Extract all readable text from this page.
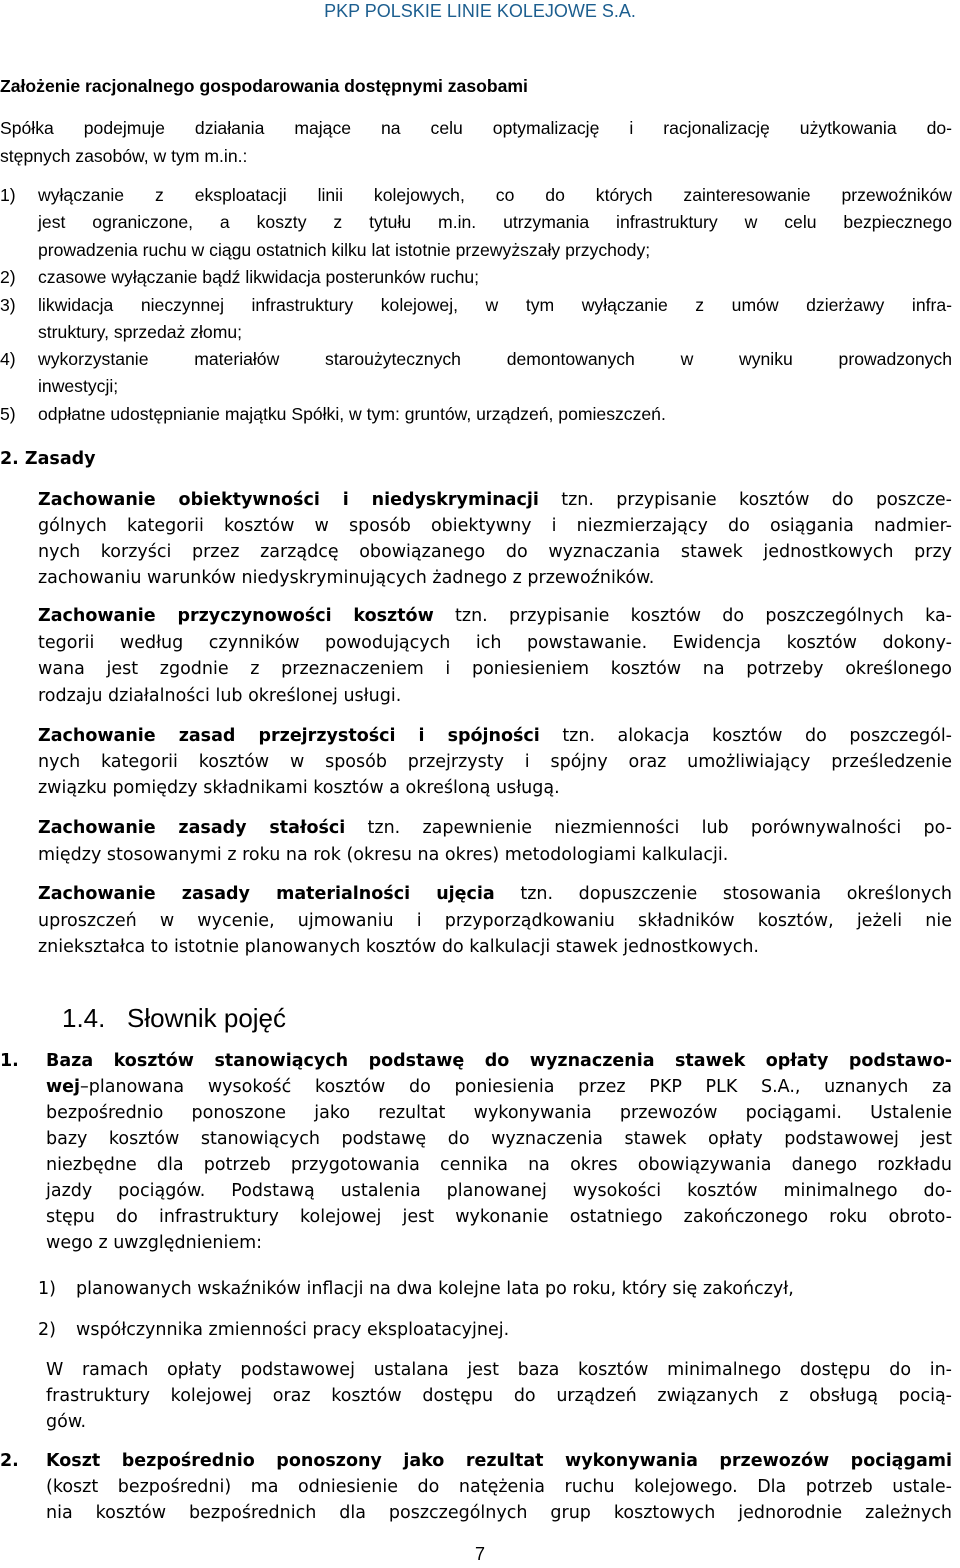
PKP POLSKIE LINIE KOLEJOWE S.A.
Założenie racjonalnego gospodarowania dostępnymi zasobami
Spółka podejmuje działania mające na celu optymalizację i racjonalizację użytkowania do-
stępnych zasobów, w tym m.in.:
1) wyłączanie z eksploatacji linii kolejowych, co do których zainteresowanie przewoźników
jest ograniczone, a koszty z tytułu m.in. utrzymania infrastruktury w celu bezpiecznego
prowadzenia ruchu w ciągu ostatnich kilku lat istotnie przewyższały przychody;
2) czasowe wyłączanie bądź likwidacja posterunków ruchu;
3) likwidacja nieczynnej infrastruktury kolejowej, w tym wyłączanie z umów dzierżawy infra-
struktury, sprzedaż złomu;
4) wykorzystanie materiałów staroużytecznych demontowanych w wyniku prowadzonych
inwestycji;
5) odpłatne udostępnianie majątku Spółki, w tym: gruntów, urządzeń, pomieszczeń.
2. Zasady
Zachowanie obiektywności i niedyskryminacji tzn. przypisanie kosztów do poszcze-
gólnych kategorii kosztów w sposób obiektywny i niezmierzający do osiągania nadmier-
nych korzyści przez zarządcę obowiązanego do wyznaczania stawek jednostkowych przy
zachowaniu warunków niedyskryminujących żadnego z przewoźników.
Zachowanie przyczynowości kosztów tzn. przypisanie kosztów do poszczególnych ka-
tegorii według czynników powodujących ich powstawanie. Ewidencja kosztów dokony-
wana jest zgodnie z przeznaczeniem i poniesieniem kosztów na potrzeby określonego
rodzaju działalności lub określonej usługi.
Zachowanie zasad przejrzystości i spójności tzn. alokacja kosztów do poszczegól-
nych kategorii kosztów w sposób przejrzysty i spójny oraz umożliwiający prześledzenie
związku pomiędzy składnikami kosztów a określoną usługą.
Zachowanie zasady stałości tzn. zapewnienie niezmienności lub porównywalności po-
między stosowanymi z roku na rok (okresu na okres) metodologiami kalkulacji.
Zachowanie zasady materialności ujęcia tzn. dopuszczenie stosowania określonych
uproszczeń w wycenie, ujmowaniu i przyporządkowaniu składników kosztów, jeżeli nie
zniekształca to istotnie planowanych kosztów do kalkulacji stawek jednostkowych.
1.4.   Słownik pojęć
1. Baza kosztów stanowiących podstawę do wyznaczenia stawek opłaty podstawo-
wej–planowana wysokość kosztów do poniesienia przez PKP PLK S.A., uznanych za
bezpośrednio ponoszone jako rezultat wykonywania przewozów pociągami. Ustalenie
bazy kosztów stanowiących podstawę do wyznaczenia stawek opłaty podstawowej jest
niezbędne dla potrzeb przygotowania cennika na okres obowiązywania danego rozkładu
jazdy pociągów. Podstawą ustalenia planowanej wysokości kosztów minimalnego do-
stępu do infrastruktury kolejowej jest wykonanie ostatniego zakończonego roku obroto-
wego z uwzględnieniem:
1) planowanych wskaźników inflacji na dwa kolejne lata po roku, który się zakończył,
2) współczynnika zmienności pracy eksploatacyjnej.
W ramach opłaty podstawowej ustalana jest baza kosztów minimalnego dostępu do in-
frastruktury kolejowej oraz kosztów dostępu do urządzeń związanych z obsługą pocią-
gów.
2. Koszt bezpośrednio ponoszony jako rezultat wykonywania przewozów pociągami
(koszt bezpośredni) ma odniesienie do natężenia ruchu kolejowego. Dla potrzeb ustale-
nia kosztów bezpośrednich dla poszczególnych grup kosztowych jednorodnie zależnych
7
